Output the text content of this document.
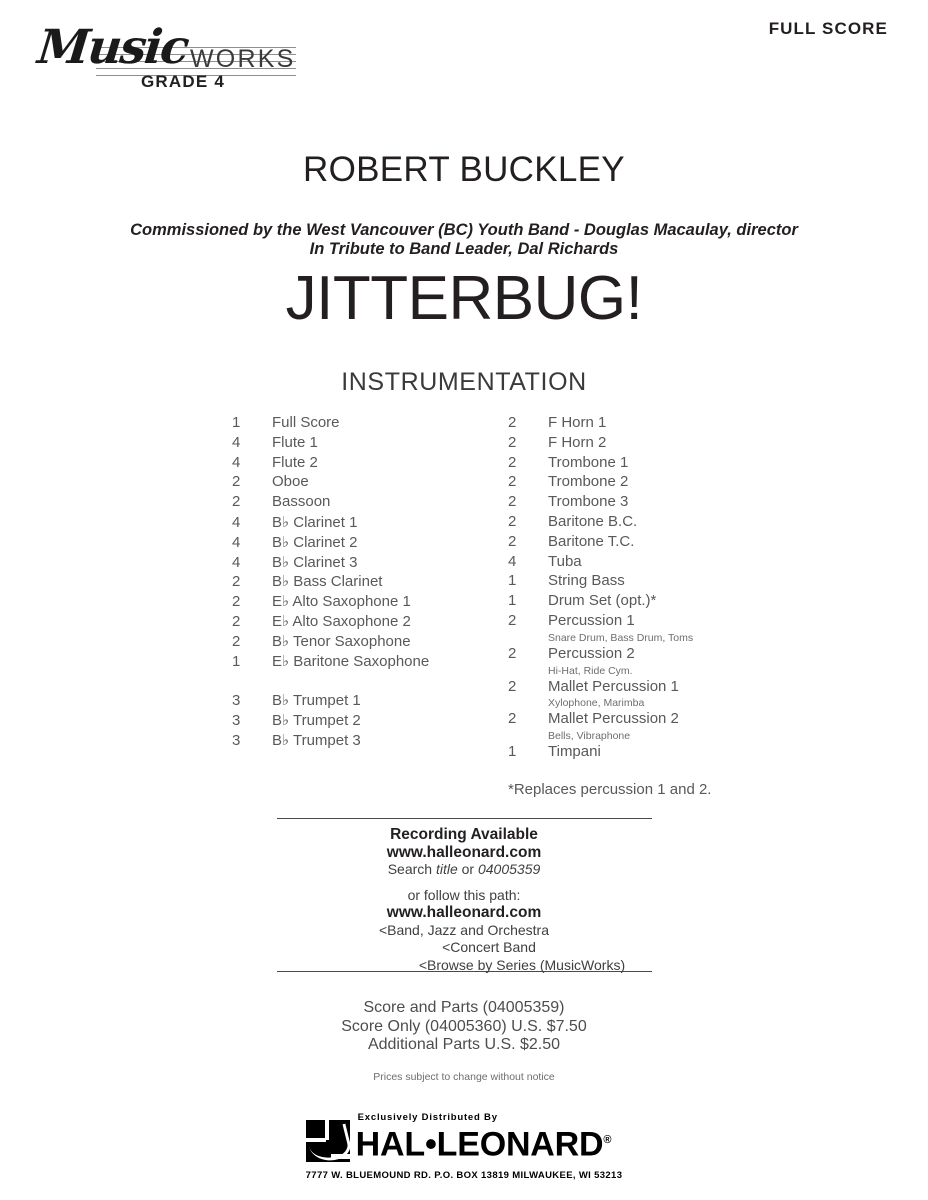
FULL SCORE
Music WORKS
GRADE 4
ROBERT BUCKLEY
Commissioned by the West Vancouver (BC) Youth Band - Douglas Macaulay, director
In Tribute to Band Leader, Dal Richards
JITTERBUG!
INSTRUMENTATION
1	Full Score
4	Flute 1
4	Flute 2
2	Oboe
2	Bassoon
4	B♭ Clarinet 1
4	B♭ Clarinet 2
4	B♭ Clarinet 3
2	B♭ Bass Clarinet
2	E♭ Alto Saxophone 1
2	E♭ Alto Saxophone 2
2	B♭ Tenor Saxophone
1	E♭ Baritone Saxophone
3	B♭ Trumpet 1
3	B♭ Trumpet 2
3	B♭ Trumpet 3
2	F Horn 1
2	F Horn 2
2	Trombone 1
2	Trombone 2
2	Trombone 3
2	Baritone B.C.
2	Baritone T.C.
4	Tuba
1	String Bass
1	Drum Set (opt.)*
2	Percussion 1
Snare Drum, Bass Drum, Toms
2	Percussion 2
Hi-Hat, Ride Cym.
2	Mallet Percussion 1
Xylophone, Marimba
2	Mallet Percussion 2
Bells, Vibraphone
1	Timpani
*Replaces percussion 1 and 2.
Recording Available
www.halleonard.com
Search title or 04005359
or follow this path:
www.halleonard.com
<Band, Jazz and Orchestra
<Concert Band
<Browse by Series (MusicWorks)
Score and Parts (04005359)
Score Only (04005360) U.S. $7.50
Additional Parts U.S. $2.50
Prices subject to change without notice
Exclusively Distributed By
HAL•LEONARD®
7777 W. BLUEMOUND RD. P.O. BOX 13819 MILWAUKEE, WI 53213
